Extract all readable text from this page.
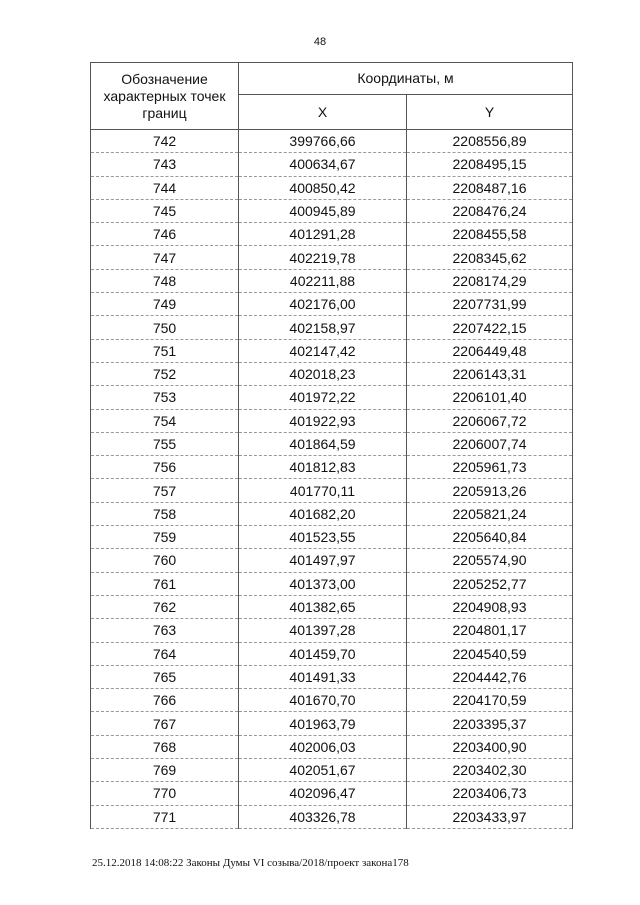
48
Обозначение характерных точек границ	Координаты, м	
	X	Y
742	399766,66	2208556,89
743	400634,67	2208495,15
744	400850,42	2208487,16
745	400945,89	2208476,24
746	401291,28	2208455,58
747	402219,78	2208345,62
748	402211,88	2208174,29
749	402176,00	2207731,99
750	402158,97	2207422,15
751	402147,42	2206449,48
752	402018,23	2206143,31
753	401972,22	2206101,40
754	401922,93	2206067,72
755	401864,59	2206007,74
756	401812,83	2205961,73
757	401770,11	2205913,26
758	401682,20	2205821,24
759	401523,55	2205640,84
760	401497,97	2205574,90
761	401373,00	2205252,77
762	401382,65	2204908,93
763	401397,28	2204801,17
764	401459,70	2204540,59
765	401491,33	2204442,76
766	401670,70	2204170,59
767	401963,79	2203395,37
768	402006,03	2203400,90
769	402051,67	2203402,30
770	402096,47	2203406,73
771	403326,78	2203433,97
25.12.2018 14:08:22 Законы Думы VI созыва/2018/проект закона178
